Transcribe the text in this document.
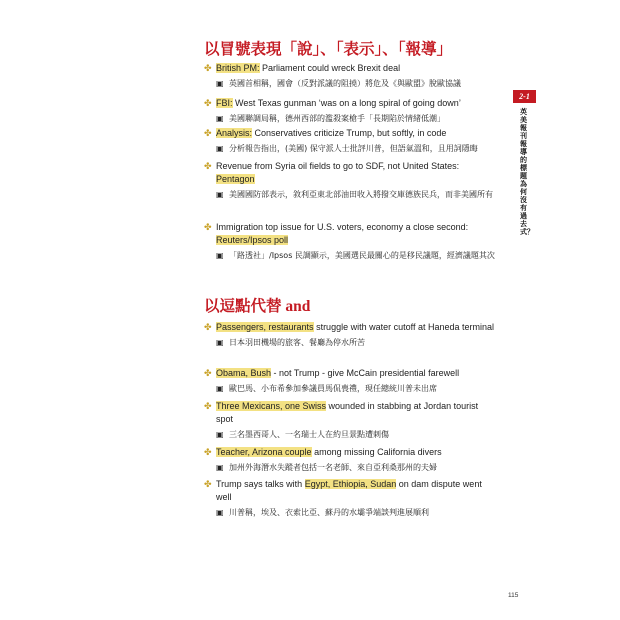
以冒號表現「說」、「表示」、「報導」

✤ British PM: Parliament could wreck Brexit deal

▣ 英國首相稱，國會（反對派議的阻撓）將危及《與歐盟》脫歐協議

✤ FBI: West Texas gunman ‘was on a long spiral of going down’

▣ 美國聯調局稱，德州西部的濫殺案槍手「長期陷於情緒低潮」

✤ Analysis: Conservatives criticize Trump, but softly, in code

▣ 分析報告指出，(美國) 保守派人士批評川普，但語氣溫和，且用詞隱晦

✤ Revenue from Syria oil fields to go to SDF, not United States: Pentagon

▣ 美國國防部表示，敘利亞東北部油田收入將撥交庫德族民兵，而非美國所有

✤ Immigration top issue for U.S. voters, economy a close second: Reuters/Ipsos poll

▣ 「路透社」/Ipsos 民調顯示，美國選民最關心的是移民議題，經濟議題其次

以逗點代替 and

✤ Passengers, restaurants struggle with water cutoff at Haneda terminal

▣ 日本羽田機場的旅客、餐廳為停水所苦

✤ Obama, Bush - not Trump - give McCain presidential farewell

▣ 歐巴馬、小布希參加參議員馬侃喪禮，現任總統川普未出席

✤ Three Mexicans, one Swiss wounded in stabbing at Jordan tourist spot

▣ 三名墨西哥人、一名瑞士人在約旦景點遭刺傷

✤ Teacher, Arizona couple among missing California divers

▣ 加州外海潛水失蹤者包括一名老師、來自亞利桑那州的夫婦

✤ Trump says talks with Egypt, Ethiopia, Sudan on dam dispute went well

▣ 川普稱，埃及、衣索比亞、蘇丹的水壩爭端談判進展順利

2-1
英美報刊報導的標題為何沒有過去式？
115
